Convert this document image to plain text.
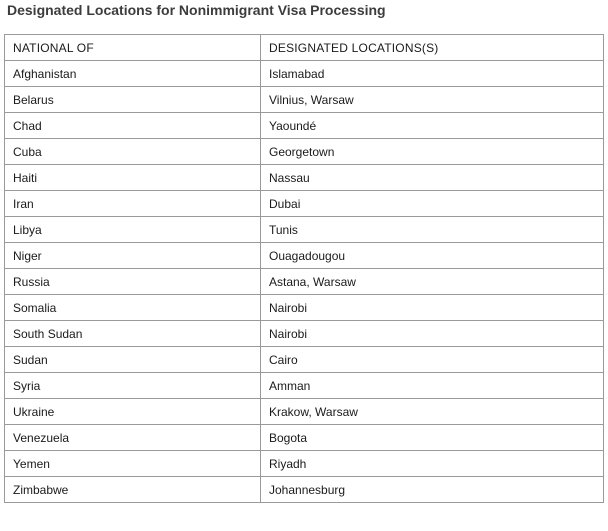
Designated Locations for Nonimmigrant Visa Processing
NATIONAL OF	DESIGNATED LOCATIONS(S)
Afghanistan	Islamabad
Belarus	Vilnius, Warsaw
Chad	Yaoundé
Cuba	Georgetown
Haiti	Nassau
Iran	Dubai
Libya	Tunis
Niger	Ouagadougou
Russia	Astana, Warsaw
Somalia	Nairobi
South Sudan	Nairobi
Sudan	Cairo
Syria	Amman
Ukraine	Krakow, Warsaw
Venezuela	Bogota
Yemen	Riyadh
Zimbabwe	Johannesburg
